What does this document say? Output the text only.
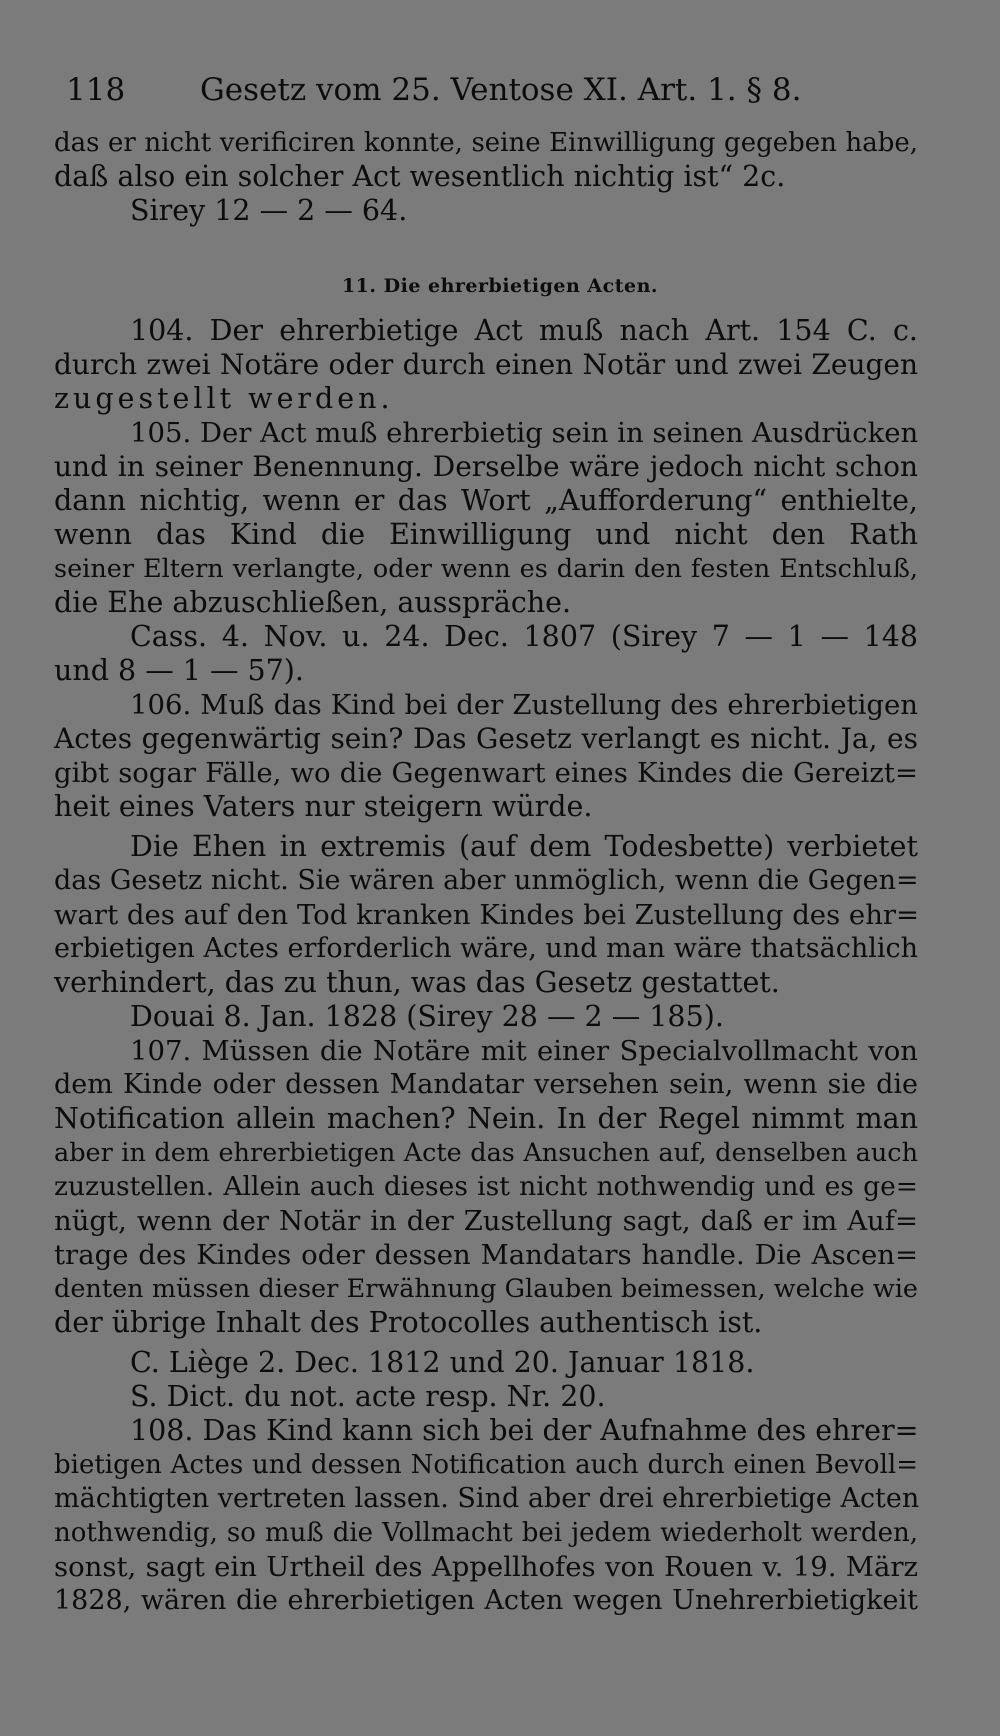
118 Gesetz vom 25. Ventose XI. Art. 1. § 8.
das er nicht verificiren konnte, seine Einwilligung gegeben habe,
daß also ein solcher Act wesentlich nichtig ist“ 2c.
Sirey 12 — 2 — 64.
11. Die ehrerbietigen Acten.
104. Der ehrerbietige Act muß nach Art. 154 C. c.
durch zwei Notäre oder durch einen Notär und zwei Zeugen
zugestellt werden.
105. Der Act muß ehrerbietig sein in seinen Ausdrücken
und in seiner Benennung. Derselbe wäre jedoch nicht schon
dann nichtig, wenn er das Wort „Aufforderung“ enthielte,
wenn das Kind die Einwilligung und nicht den Rath
seiner Eltern verlangte, oder wenn es darin den festen Entschluß,
die Ehe abzuschließen, ausspräche.
Cass. 4. Nov. u. 24. Dec. 1807 (Sirey 7 — 1 — 148
und 8 — 1 — 57).
106. Muß das Kind bei der Zustellung des ehrerbietigen
Actes gegenwärtig sein? Das Gesetz verlangt es nicht. Ja, es
gibt sogar Fälle, wo die Gegenwart eines Kindes die Gereizt=
heit eines Vaters nur steigern würde.
Die Ehen in extremis (auf dem Todesbette) verbietet
das Gesetz nicht. Sie wären aber unmöglich, wenn die Gegen=
wart des auf den Tod kranken Kindes bei Zustellung des ehr=
erbietigen Actes erforderlich wäre, und man wäre thatsächlich
verhindert, das zu thun, was das Gesetz gestattet.
Douai 8. Jan. 1828 (Sirey 28 — 2 — 185).
107. Müssen die Notäre mit einer Specialvollmacht von
dem Kinde oder dessen Mandatar versehen sein, wenn sie die
Notification allein machen? Nein. In der Regel nimmt man
aber in dem ehrerbietigen Acte das Ansuchen auf, denselben auch
zuzustellen. Allein auch dieses ist nicht nothwendig und es ge=
nügt, wenn der Notär in der Zustellung sagt, daß er im Auf=
trage des Kindes oder dessen Mandatars handle. Die Ascen=
denten müssen dieser Erwähnung Glauben beimessen, welche wie
der übrige Inhalt des Protocolles authentisch ist.
C. Liège 2. Dec. 1812 und 20. Januar 1818.
S. Dict. du not. acte resp. Nr. 20.
108. Das Kind kann sich bei der Aufnahme des ehrer=
bietigen Actes und dessen Notification auch durch einen Bevoll=
mächtigten vertreten lassen. Sind aber drei ehrerbietige Acten
nothwendig, so muß die Vollmacht bei jedem wiederholt werden,
sonst, sagt ein Urtheil des Appellhofes von Rouen v. 19. März
1828, wären die ehrerbietigen Acten wegen Unehrerbietigkeit
